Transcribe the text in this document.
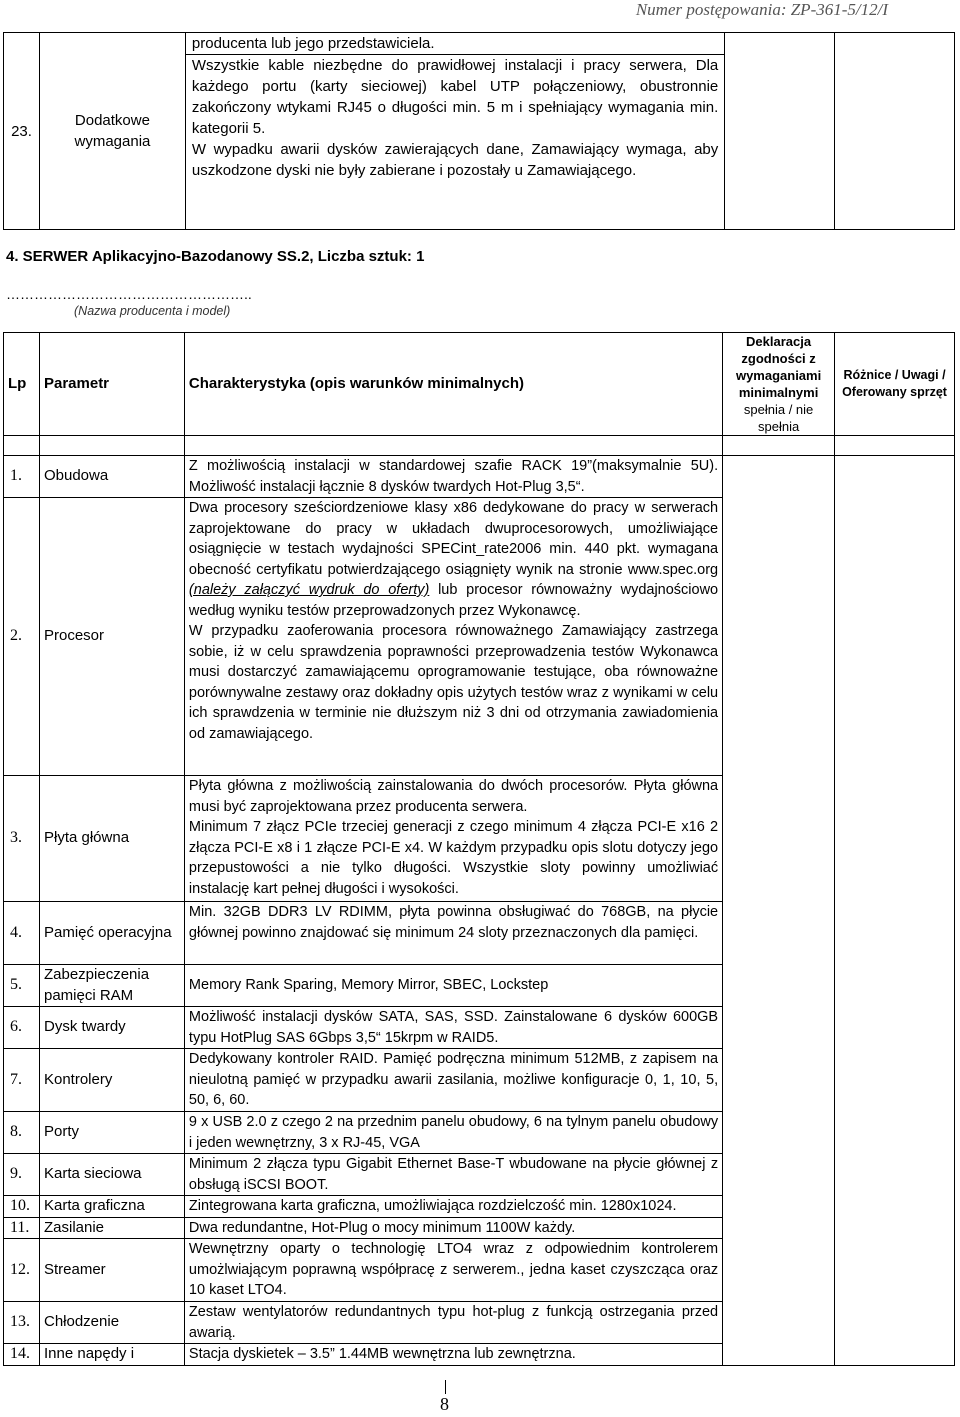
Numer postępowania: ZP-361-5/12/I
23.	Dodatkowe wymagania	producenta lub jego przedstawiciela.		

Wszystkie kable niezbędne do prawidłowej instalacji i pracy serwera, Dla każdego portu (karty sieciowej) kabel UTP połączeniowy, obustronnie zakończony wtykami RJ45 o długości min. 5 m i spełniający wymagania min. kategorii 5.
W wypadku awarii dysków zawierających dane, Zamawiający wymaga, aby uszkodzone dyski nie były zabierane i pozostały u Zamawiającego.
4. SERWER Aplikacyjno-Bazodanowy SS.2, Liczba sztuk: 1
……………………………………………..
(Nazwa producenta i model)
Lp	Parametr	Charakterystyka (opis warunków minimalnych)	Deklaracja zgodności z wymaganiami minimalnymi
spełnia / nie spełnia	Różnice / Uwagi / Oferowany sprzęt

1.	Obudowa	Z możliwością instalacji w standardowej szafie RACK 19”(maksymalnie 5U). Możliwość instalacji łącznie 8 dysków twardych Hot-Plug 3,5“.		
2.	Procesor	Dwa procesory sześciordzeniowe klasy x86 dedykowane do pracy w serwerach zaprojektowane do pracy w układach dwuprocesorowych, umożliwiające osiągnięcie w testach wydajności SPECint_rate2006 min. 440 pkt. wymagana obecność certyfikatu potwierdzającego osiągnięty wynik na stronie www.spec.org (należy załączyć wydruk do oferty) lub procesor równoważny wydajnościowo według wyniku testów przeprowadzonych przez Wykonawcę.
W przypadku zaoferowania procesora równoważnego Zamawiający zastrzega sobie, iż w celu sprawdzenia poprawności przeprowadzenia testów Wykonawca musi dostarczyć zamawiającemu oprogramowanie testujące, oba równoważne porównywalne zestawy oraz dokładny opis użytych testów wraz z wynikami w celu ich sprawdzenia w terminie nie dłuższym niż 3 dni od otrzymania zawiadomienia od zamawiającego.		

3.	Płyta główna	Płyta główna z możliwością zainstalowania do dwóch procesorów. Płyta główna musi być zaprojektowana przez producenta serwera.
Minimum 7 złącz PCIe trzeciej generacji z czego minimum 4 złącza PCI-E x16 2 złącza PCI-E x8 i 1 złącze PCI-E x4. W każdym przypadku opis slotu dotyczy jego przepustowości a nie tylko długości. Wszystkie sloty powinny umożliwiać instalację kart pełnej długości i wysokości.		

4.	Pamięć operacyjna	Min. 32GB DDR3 LV RDIMM, płyta powinna obsługiwać do 768GB, na płycie głównej powinno znajdować się minimum 24 sloty przeznaczonych dla pamięci.		
5.	Zabezpieczenia pamięci RAM	Memory Rank Sparing, Memory Mirror, SBEC, Lockstep		
6.	Dysk twardy	Możliwość instalacji dysków SATA, SAS, SSD. Zainstalowane 6 dysków 600GB typu HotPlug SAS 6Gbps 3,5“ 15krpm w RAID5.		
7.	Kontrolery	Dedykowany kontroler RAID. Pamięć podręczna minimum 512MB, z zapisem na nieulotną pamięć w przypadku awarii zasilania, możliwe konfiguracje 0, 1, 10, 5, 50, 6, 60.		
8.	Porty	9 x USB 2.0 z czego 2 na przednim panelu obudowy, 6 na tylnym panelu obudowy i jeden wewnętrzny, 3 x RJ-45, VGA		
9.	Karta sieciowa	Minimum 2 złącza typu Gigabit Ethernet Base-T wbudowane na płycie głównej z obsługą iSCSI BOOT.		
10.	Karta graficzna	Zintegrowana karta graficzna, umożliwiająca rozdzielczość min. 1280x1024.		
11.	Zasilanie	Dwa redundantne, Hot-Plug o mocy minimum 1100W każdy.		
12.	Streamer	Wewnętrzny oparty o technologię LTO4 wraz z odpowiednim kontrolerem umożlwiającym poprawną współpracę z serwerem., jedna kaset czyszcząca oraz 10 kaset LTO4.		
13.	Chłodzenie	Zestaw wentylatorów redundantnych typu hot-plug z funkcją ostrzegania przed awarią.		
14.	Inne napędy i	Stacja dyskietek – 3.5” 1.44MB wewnętrzna lub zewnętrzna.		
8
